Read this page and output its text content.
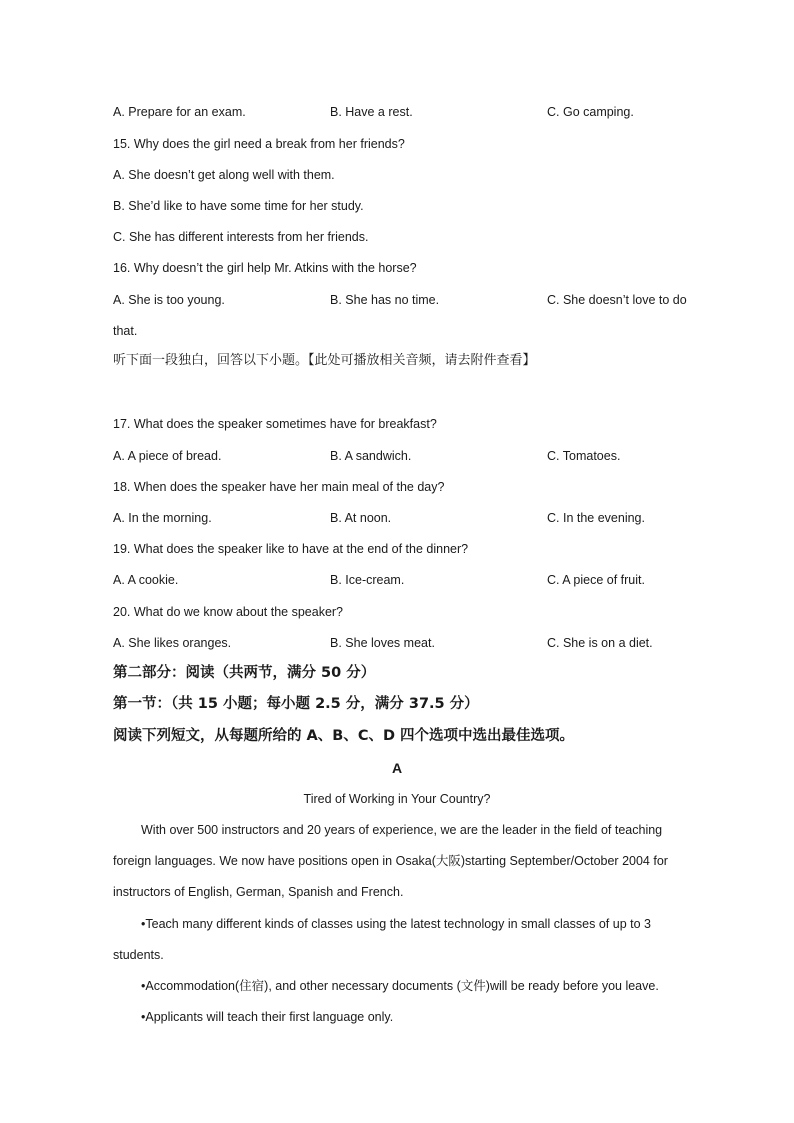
A. Prepare for an exam.	B. Have a rest.	C. Go camping.
15. Why does the girl need a break from her friends?
A. She doesn’t get along well with them.
B. She’d like to have some time for her study.
C. She has different interests from her friends.
16. Why doesn’t the girl help Mr. Atkins with the horse?
A. She is too young.	B. She has no time.	C. She doesn’t love to do
that.
听下面一段独白，回答以下小题。【此处可播放相关音频，请去附件查看】
17. What does the speaker sometimes have for breakfast?
A. A piece of bread.	B. A sandwich.	C. Tomatoes.
18. When does the speaker have her main meal of the day?
A. In the morning.	B. At noon.	C. In the evening.
19. What does the speaker like to have at the end of the dinner?
A. A cookie.	B. Ice-cream.	C. A piece of fruit.
20. What do we know about the speaker?
A. She likes oranges.	B. She loves meat.	C. She is on a diet.
第二部分：阅读（共两节，满分 50 分）
第一节：（共 15 小题；每小题 2.5 分，满分 37.5 分）
阅读下列短文，从每题所给的 A、B、C、D 四个选项中选出最佳选项。
A
Tired of Working in Your Country?
With over 500 instructors and 20 years of experience, we are the leader in the field of teaching
foreign languages. We now have positions open in Osaka(大阪)starting September/October 2004 for
instructors of English, German, Spanish and French.
•Teach many different kinds of classes using the latest technology in small classes of up to 3
students.
•Accommodation(住宿), and other necessary documents (文件)will be ready before you leave.
•Applicants will teach their first language only.
